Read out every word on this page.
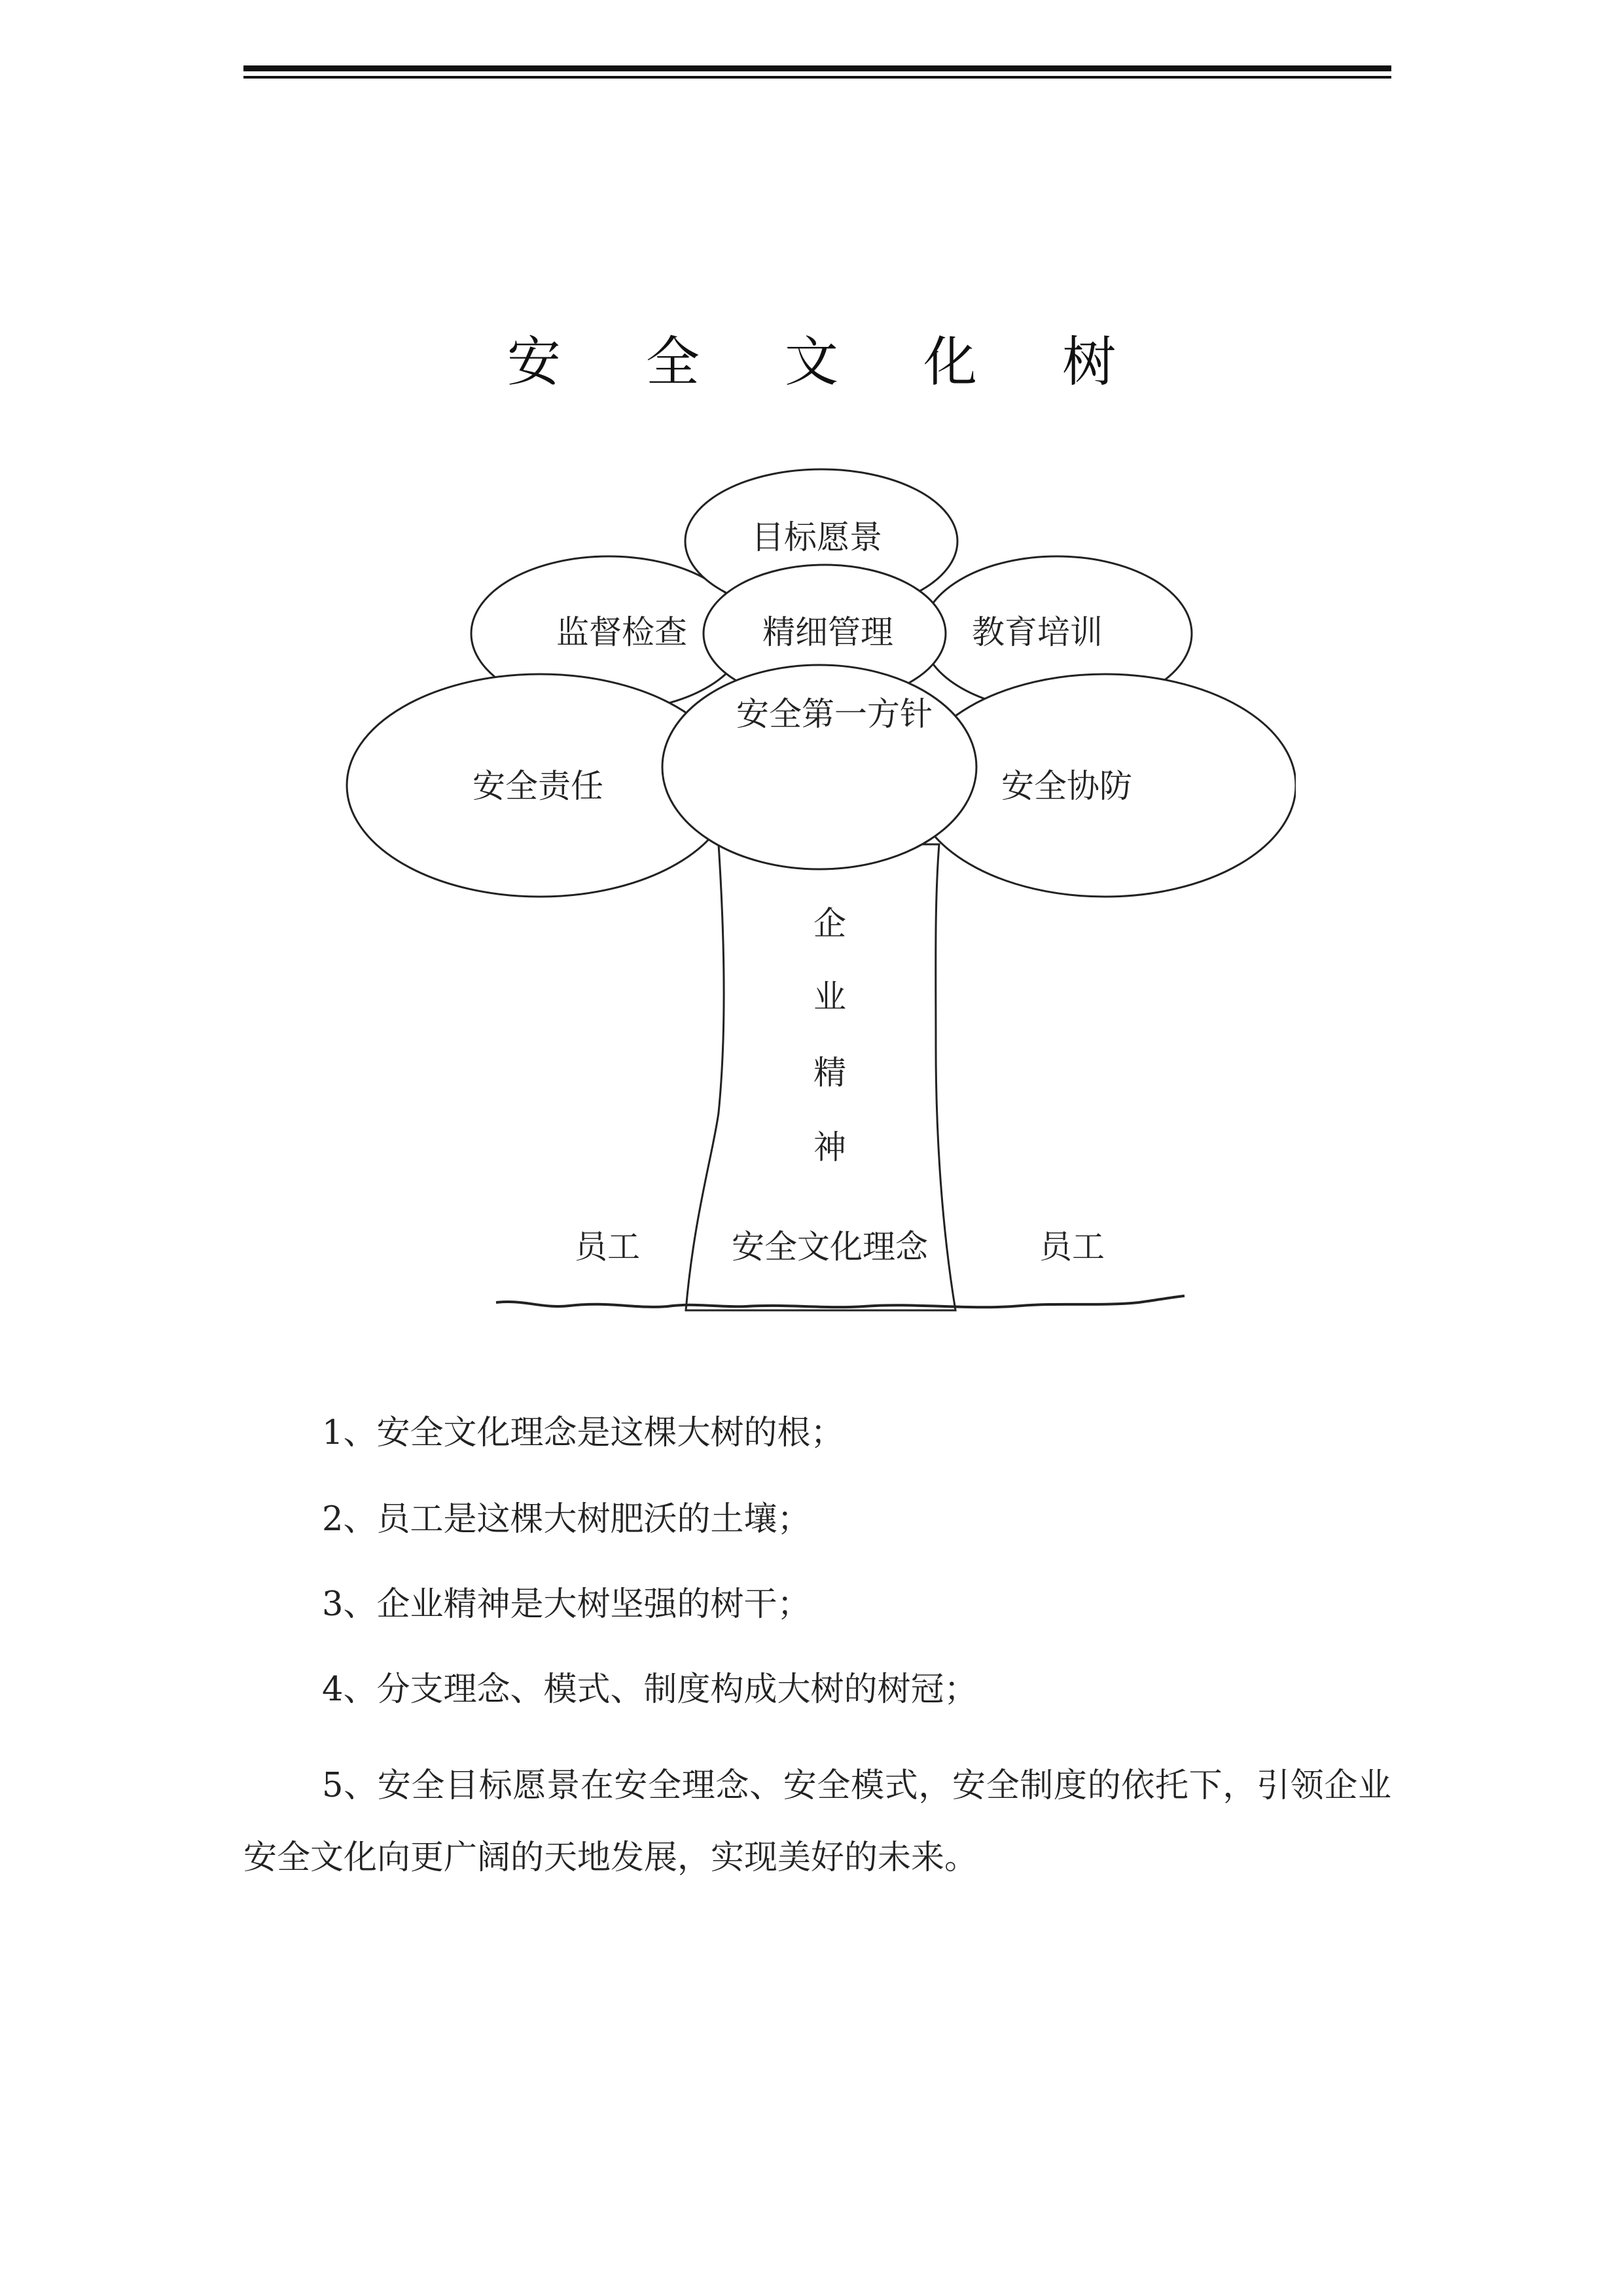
安 全 文 化 树
目标愿景
监督检查 精细管理 教育培训
安全第一方针
安全责任	安全协防
企
业
精
神
安全文化理念
员工	员工
1、安全文化理念是这棵大树的根；
2、员工是这棵大树肥沃的土壤；
3、企业精神是大树坚强的树干；
4、分支理念、模式、制度构成大树的树冠；
5、安全目标愿景在安全理念、安全模式，安全制度的依托下，引领企业安全文化向更广阔的天地发展，实现美好的未来。
